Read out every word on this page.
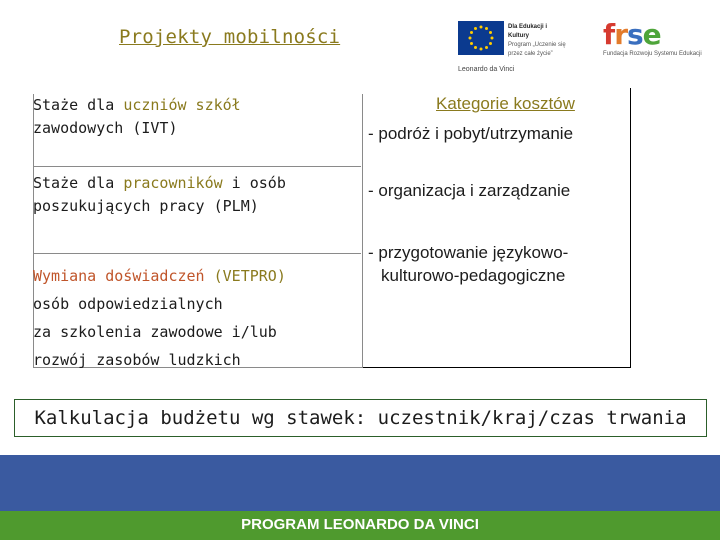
Projekty mobilności	Dla Edukacji i Kultury
Program „Uczenie się przez całe życie”
Leonardo da Vinci
frse
Fundacja Rozwoju Systemu Edukacji
Staże dla uczniów szkół
zawodowych (IVT)
Staże dla pracowników i osób
poszukujących pracy (PLM)
Wymiana doświadczeń (VETPRO)
osób odpowiedzialnych
za szkolenia zawodowe i/lub
rozwój zasobów ludzkich
Kategorie kosztów
- podróż i pobyt/utrzymanie
- organizacja i zarządzanie
- przygotowanie językowo-
kulturowo-pedagogiczne
Kalkulacja budżetu wg stawek: uczestnik/kraj/czas trwania
PROGRAM LEONARDO DA VINCI
